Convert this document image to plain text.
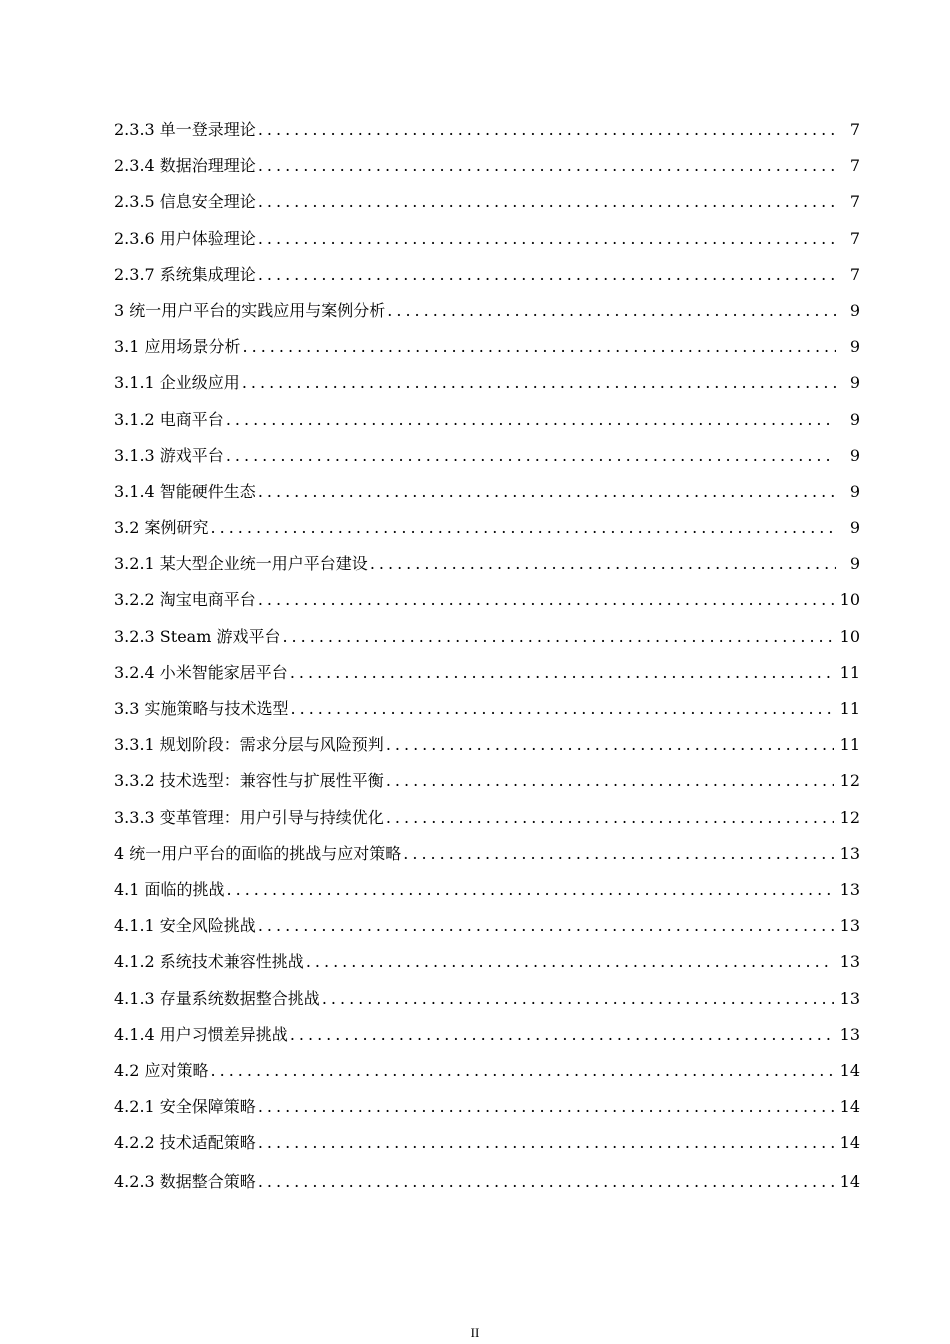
2.3.3 单一登录理论 .....	7
2.3.4 数据治理理论 .....	7
2.3.5 信息安全理论 .....	7
2.3.6 用户体验理论 .....	7
2.3.7 系统集成理论 .....	7
3 统一用户平台的实践应用与案例分析 .....	9
3.1 应用场景分析 .....	9
3.1.1 企业级应用 .....	9
3.1.2 电商平台 .....	9
3.1.3 游戏平台 .....	9
3.1.4 智能硬件生态 .....	9
3.2 案例研究 .....	9
3.2.1 某大型企业统一用户平台建设 .....	9
3.2.2 淘宝电商平台 .....	10
3.2.3 Steam 游戏平台 .....	10
3.2.4 小米智能家居平台 .....	11
3.3 实施策略与技术选型 .....	11
3.3.1 规划阶段：需求分层与风险预判 .....	11
3.3.2 技术选型：兼容性与扩展性平衡 .....	12
3.3.3 变革管理：用户引导与持续优化 .....	12
4 统一用户平台的面临的挑战与应对策略 .....	13
4.1 面临的挑战 .....	13
4.1.1 安全风险挑战 .....	13
4.1.2 系统技术兼容性挑战 .....	13
4.1.3 存量系统数据整合挑战 .....	13
4.1.4 用户习惯差异挑战 .....	13
4.2 应对策略 .....	14
4.2.1 安全保障策略 .....	14
4.2.2 技术适配策略 .....	14
4.2.3 数据整合策略 .....	14
II
